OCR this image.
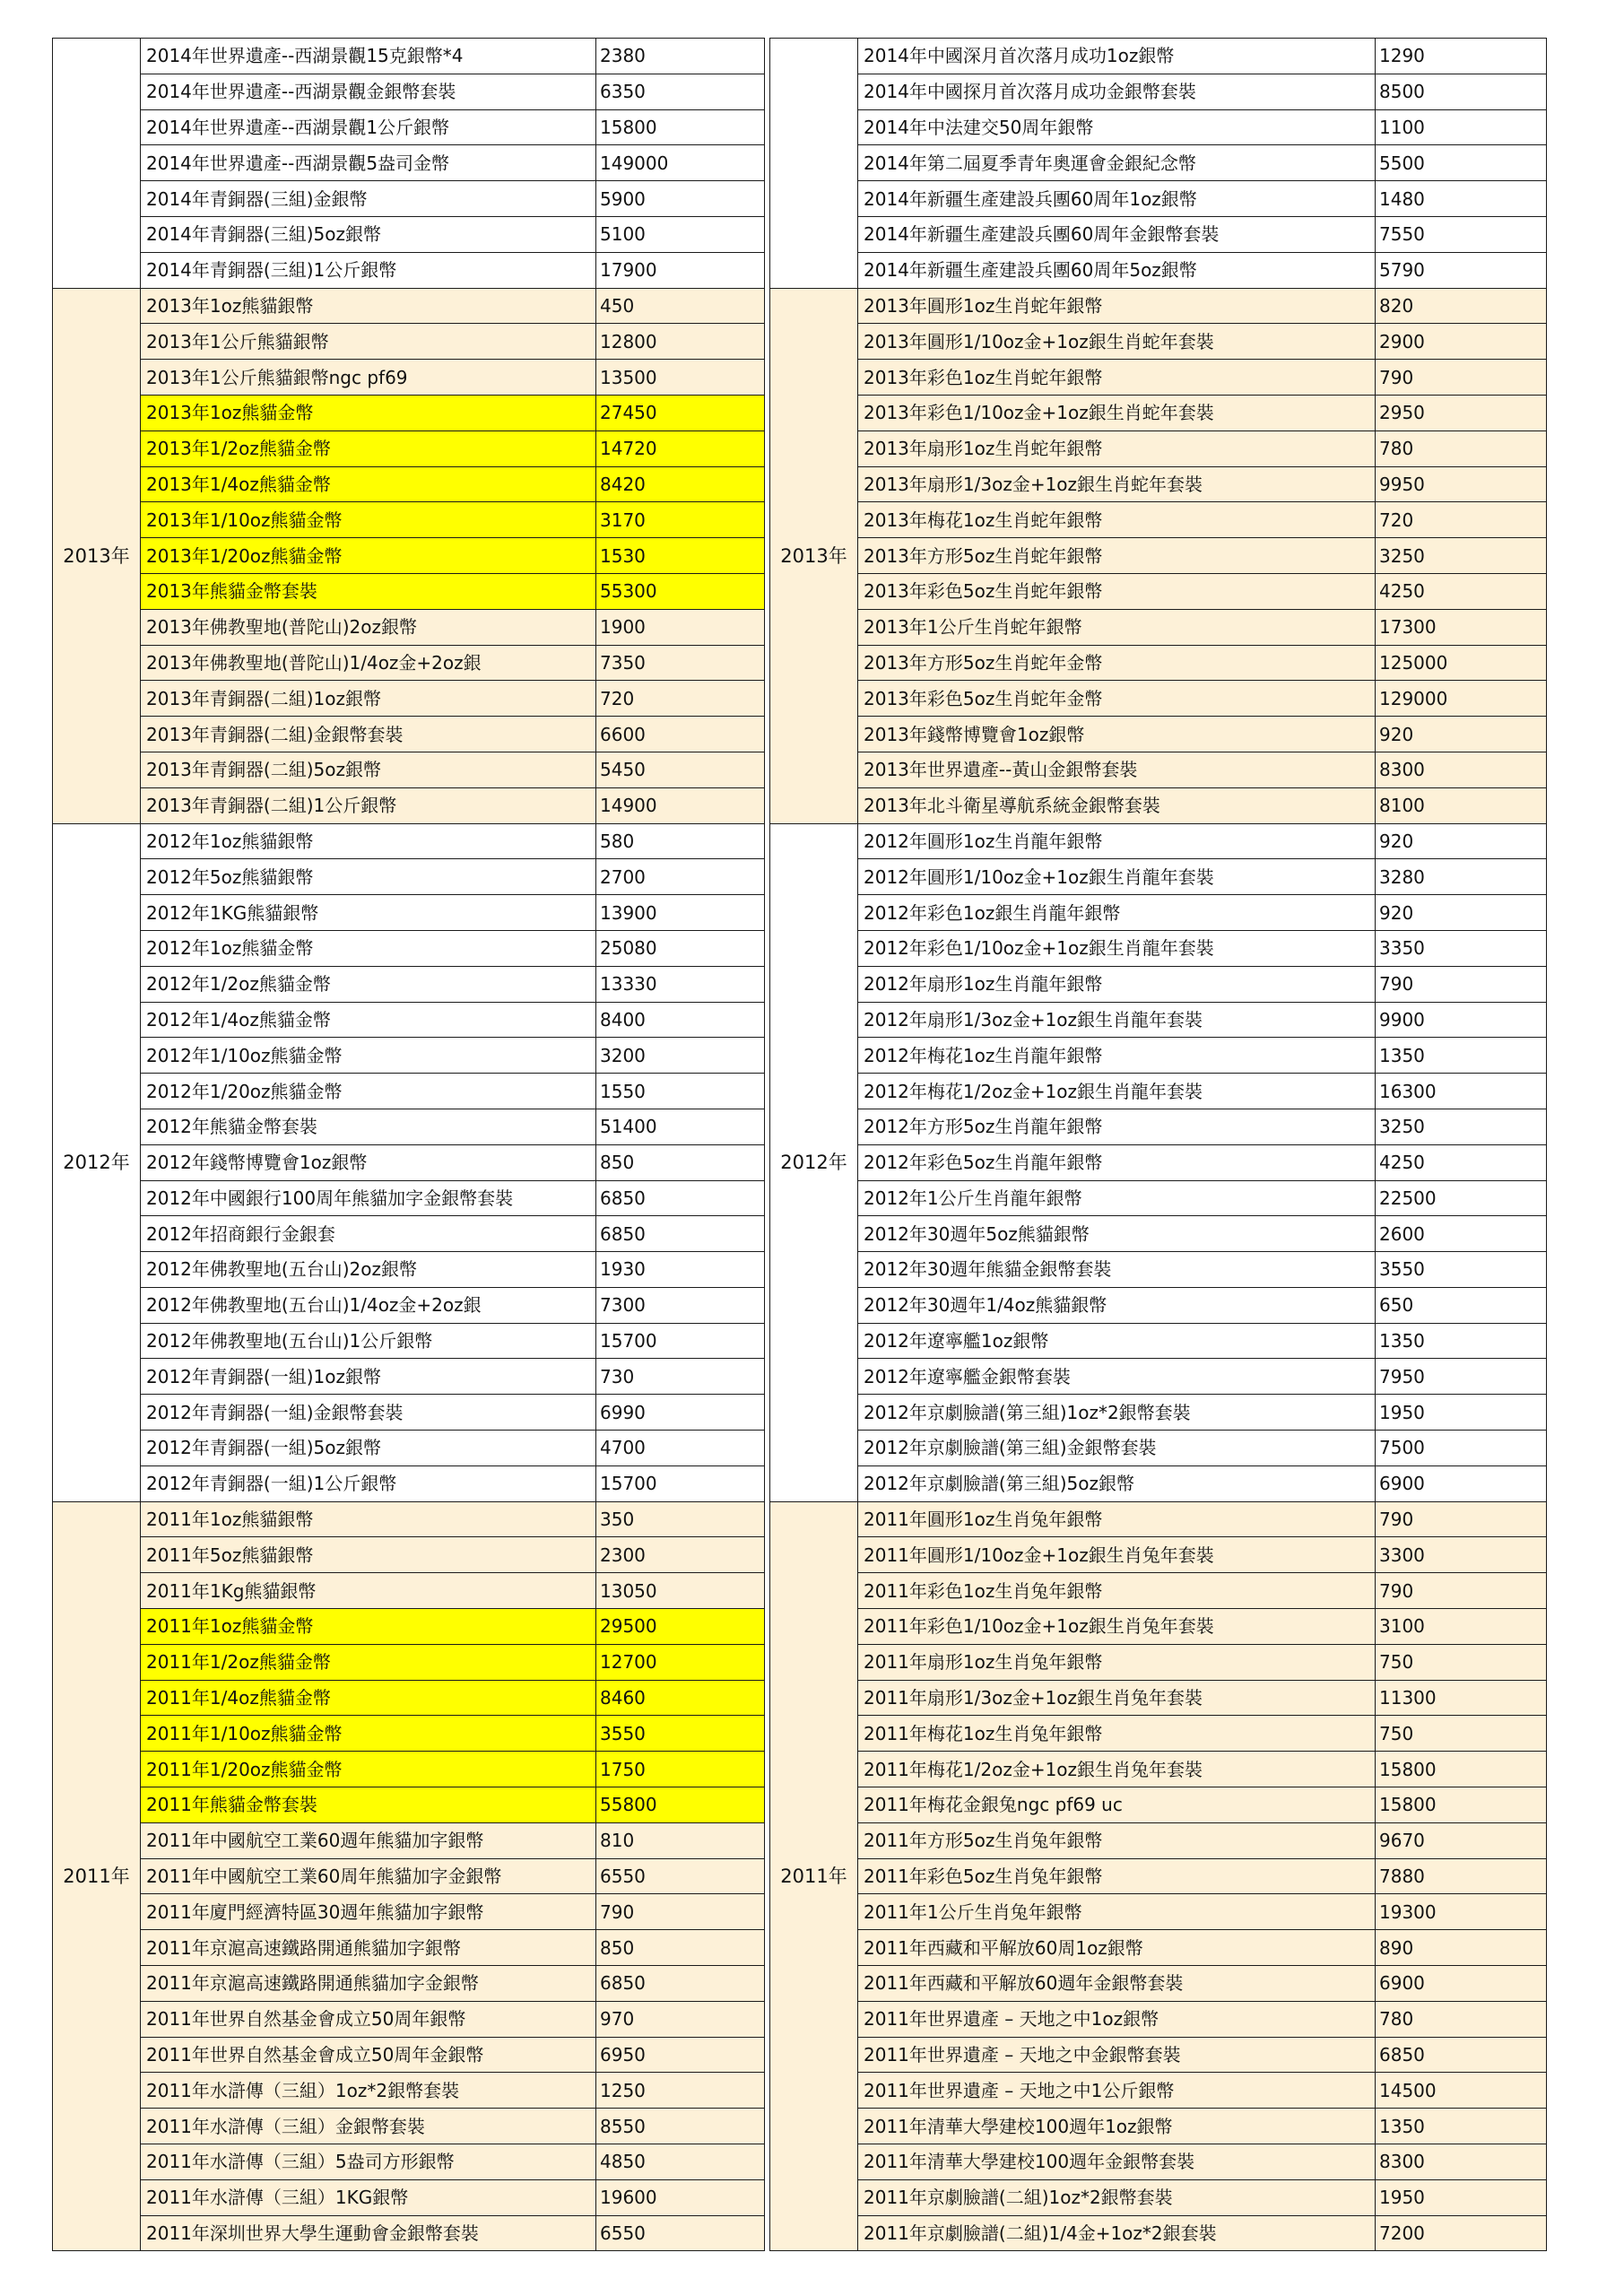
	2014年世界遺產--西湖景觀15克銀幣*4	2380
	2014年世界遺產--西湖景觀金銀幣套裝	6350
	2014年世界遺產--西湖景觀1公斤銀幣	15800
	2014年世界遺產--西湖景觀5盎司金幣	149000
	2014年青銅器(三組)金銀幣	5900
	2014年青銅器(三組)5oz銀幣	5100
	2014年青銅器(三組)1公斤銀幣	17900
2013年	2013年1oz熊貓銀幣	450
	2013年1公斤熊貓銀幣	12800
	2013年1公斤熊貓銀幣ngc pf69	13500
	2013年1oz熊貓金幣	27450
	2013年1/2oz熊貓金幣	14720
	2013年1/4oz熊貓金幣	8420
	2013年1/10oz熊貓金幣	3170
	2013年1/20oz熊貓金幣	1530
	2013年熊貓金幣套裝	55300
	2013年佛教聖地(普陀山)2oz銀幣	1900
	2013年佛教聖地(普陀山)1/4oz金+2oz銀	7350
	2013年青銅器(二組)1oz銀幣	720
	2013年青銅器(二組)金銀幣套裝	6600
	2013年青銅器(二組)5oz銀幣	5450
	2013年青銅器(二組)1公斤銀幣	14900
2012年	2012年1oz熊貓銀幣	580
	2012年5oz熊貓銀幣	2700
	2012年1KG熊貓銀幣	13900
	2012年1oz熊貓金幣	25080
	2012年1/2oz熊貓金幣	13330
	2012年1/4oz熊貓金幣	8400
	2012年1/10oz熊貓金幣	3200
	2012年1/20oz熊貓金幣	1550
	2012年熊貓金幣套裝	51400
	2012年錢幣博覽會1oz銀幣	850
	2012年中國銀行100周年熊貓加字金銀幣套裝	6850
	2012年招商銀行金銀套	6850
	2012年佛教聖地(五台山)2oz銀幣	1930
	2012年佛教聖地(五台山)1/4oz金+2oz銀	7300
	2012年佛教聖地(五台山)1公斤銀幣	15700
	2012年青銅器(一組)1oz銀幣	730
	2012年青銅器(一組)金銀幣套裝	6990
	2012年青銅器(一組)5oz銀幣	4700
	2012年青銅器(一組)1公斤銀幣	15700
2011年	2011年1oz熊貓銀幣	350
	2011年5oz熊貓銀幣	2300
	2011年1Kg熊貓銀幣	13050
	2011年1oz熊貓金幣	29500
	2011年1/2oz熊貓金幣	12700
	2011年1/4oz熊貓金幣	8460
	2011年1/10oz熊貓金幣	3550
	2011年1/20oz熊貓金幣	1750
	2011年熊貓金幣套裝	55800
	2011年中國航空工業60週年熊貓加字銀幣	810
	2011年中國航空工業60周年熊貓加字金銀幣	6550
	2011年廈門經濟特區30週年熊貓加字銀幣	790
	2011年京滬高速鐵路開通熊貓加字銀幣	850
	2011年京滬高速鐵路開通熊貓加字金銀幣	6850
	2011年世界自然基金會成立50周年銀幣	970
	2011年世界自然基金會成立50周年金銀幣	6950
	2011年水滸傳（三組）1oz*2銀幣套裝	1250
	2011年水滸傳（三組）金銀幣套裝	8550
	2011年水滸傳（三組）5盎司方形銀幣	4850
	2011年水滸傳（三組）1KG銀幣	19600
	2011年深圳世界大學生運動會金銀幣套裝	6550
	2014年中國深月首次落月成功1oz銀幣	1290
	2014年中國探月首次落月成功金銀幣套裝	8500
	2014年中法建交50周年銀幣	1100
	2014年第二屆夏季青年奧運會金銀紀念幣	5500
	2014年新疆生產建設兵團60周年1oz銀幣	1480
	2014年新疆生產建設兵團60周年金銀幣套裝	7550
	2014年新疆生產建設兵團60周年5oz銀幣	5790
2013年	2013年圓形1oz生肖蛇年銀幣	820
	2013年圓形1/10oz金+1oz銀生肖蛇年套裝	2900
	2013年彩色1oz生肖蛇年銀幣	790
	2013年彩色1/10oz金+1oz銀生肖蛇年套裝	2950
	2013年扇形1oz生肖蛇年銀幣	780
	2013年扇形1/3oz金+1oz銀生肖蛇年套裝	9950
	2013年梅花1oz生肖蛇年銀幣	720
	2013年方形5oz生肖蛇年銀幣	3250
	2013年彩色5oz生肖蛇年銀幣	4250
	2013年1公斤生肖蛇年銀幣	17300
	2013年方形5oz生肖蛇年金幣	125000
	2013年彩色5oz生肖蛇年金幣	129000
	2013年錢幣博覽會1oz銀幣	920
	2013年世界遺產--黃山金銀幣套裝	8300
	2013年北斗衛星導航系統金銀幣套裝	8100
2012年	2012年圓形1oz生肖龍年銀幣	920
	2012年圓形1/10oz金+1oz銀生肖龍年套裝	3280
	2012年彩色1oz銀生肖龍年銀幣	920
	2012年彩色1/10oz金+1oz銀生肖龍年套裝	3350
	2012年扇形1oz生肖龍年銀幣	790
	2012年扇形1/3oz金+1oz銀生肖龍年套裝	9900
	2012年梅花1oz生肖龍年銀幣	1350
	2012年梅花1/2oz金+1oz銀生肖龍年套裝	16300
	2012年方形5oz生肖龍年銀幣	3250
	2012年彩色5oz生肖龍年銀幣	4250
	2012年1公斤生肖龍年銀幣	22500
	2012年30週年5oz熊貓銀幣	2600
	2012年30週年熊貓金銀幣套裝	3550
	2012年30週年1/4oz熊貓銀幣	650
	2012年遼寧艦1oz銀幣	1350
	2012年遼寧艦金銀幣套裝	7950
	2012年京劇臉譜(第三組)1oz*2銀幣套裝	1950
	2012年京劇臉譜(第三組)金銀幣套裝	7500
	2012年京劇臉譜(第三組)5oz銀幣	6900
2011年	2011年圓形1oz生肖兔年銀幣	790
	2011年圓形1/10oz金+1oz銀生肖兔年套裝	3300
	2011年彩色1oz生肖兔年銀幣	790
	2011年彩色1/10oz金+1oz銀生肖兔年套裝	3100
	2011年扇形1oz生肖兔年銀幣	750
	2011年扇形1/3oz金+1oz銀生肖兔年套裝	11300
	2011年梅花1oz生肖兔年銀幣	750
	2011年梅花1/2oz金+1oz銀生肖兔年套裝	15800
	2011年梅花金銀兔ngc pf69 uc	15800
	2011年方形5oz生肖兔年銀幣	9670
	2011年彩色5oz生肖兔年銀幣	7880
	2011年1公斤生肖兔年銀幣	19300
	2011年西藏和平解放60周1oz銀幣	890
	2011年西藏和平解放60週年金銀幣套裝	6900
	2011年世界遺產 – 天地之中1oz銀幣	780
	2011年世界遺產 – 天地之中金銀幣套裝	6850
	2011年世界遺產 – 天地之中1公斤銀幣	14500
	2011年清華大學建校100週年1oz銀幣	1350
	2011年清華大學建校100週年金銀幣套裝	8300
	2011年京劇臉譜(二組)1oz*2銀幣套裝	1950
	2011年京劇臉譜(二組)1/4金+1oz*2銀套裝	7200
